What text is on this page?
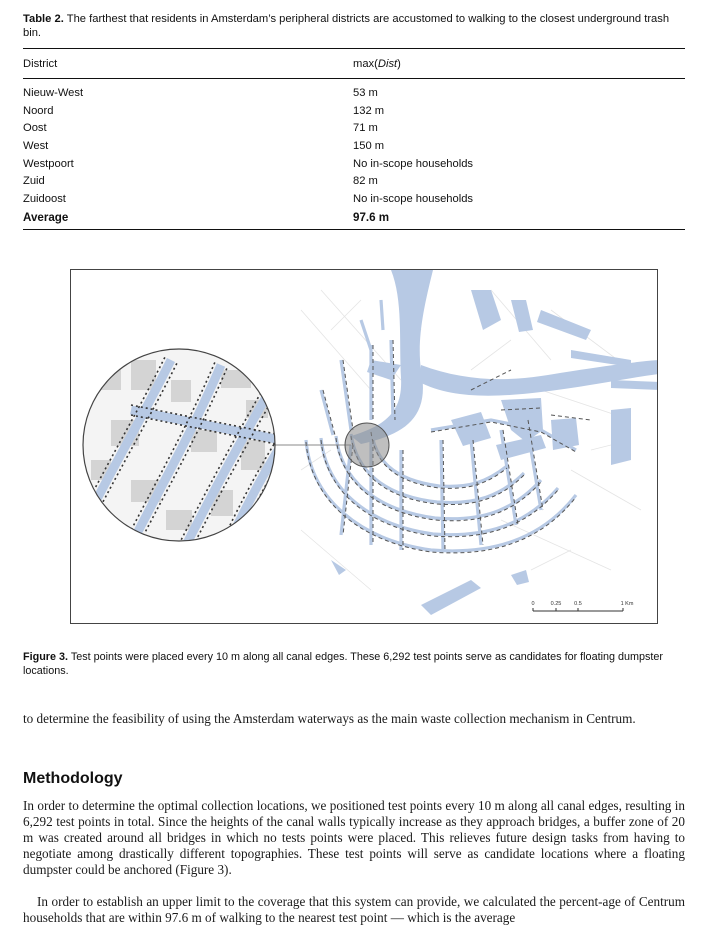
Table 2. The farthest that residents in Amsterdam’s peripheral districts are accustomed to walking to the closest underground trash bin.
District	max(Dist)
Nieuw-West	53 m
Noord	132 m
Oost	71 m
West	150 m
Westpoort	No in-scope households
Zuid	82 m
Zuidoost	No in-scope households
Average	97.6 m
0	0.25 0.5	1 Km
Figure 3. Test points were placed every 10 m along all canal edges. These 6,292 test points serve as candidates for floating dumpster locations.
to determine the feasibility of using the Amsterdam waterways as the main waste collection mechanism in Centrum.
Methodology
In order to determine the optimal collection locations, we positioned test points every 10 m along all canal edges, resulting in 6,292 test points in total. Since the heights of the canal walls typically increase as they approach bridges, a buffer zone of 20 m was created around all bridges in which no tests points were placed. This relieves future design tasks from having to negotiate among drastically different topographies. These test points will serve as candidate locations where a floating dumpster could be anchored (Figure 3).
In order to establish an upper limit to the coverage that this system can provide, we calculated the percent-age of Centrum households that are within 97.6 m of walking to the nearest test point — which is the average
